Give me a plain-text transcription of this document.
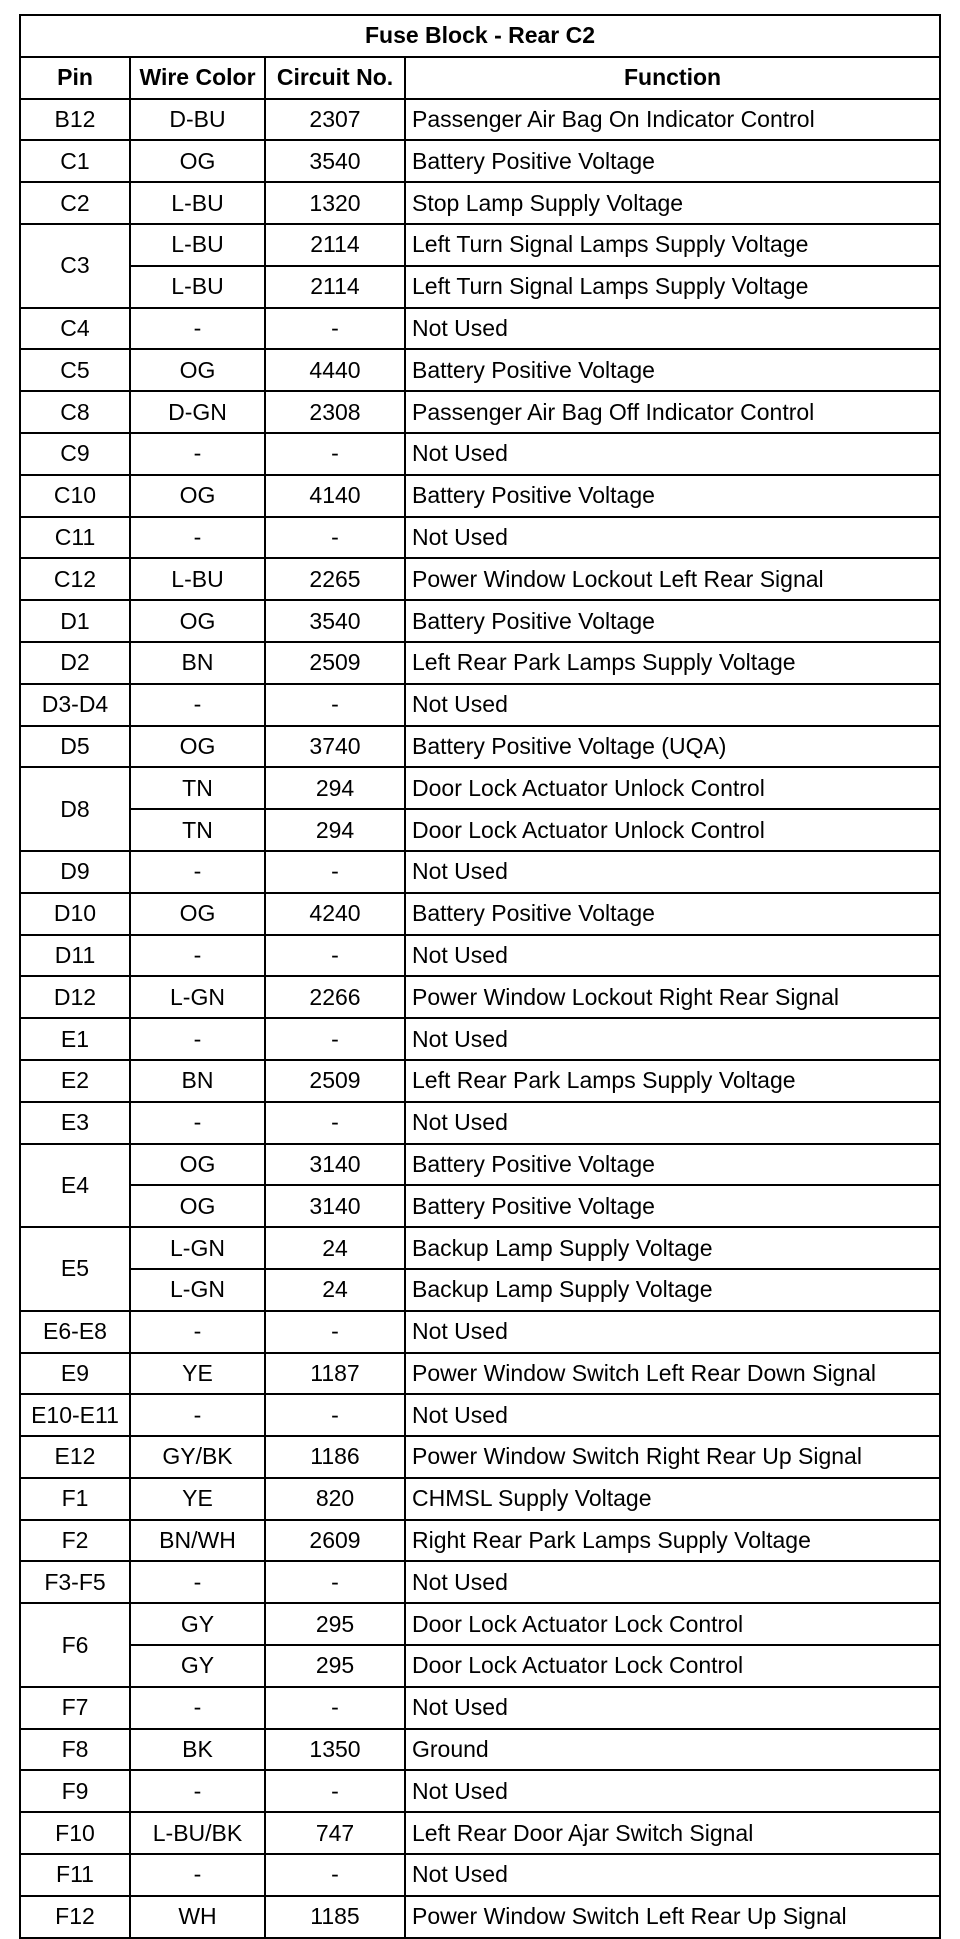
Fuse Block - Rear C2			
Pin	Wire Color	Circuit No.	Function
B12	D-BU	2307	Passenger Air Bag On Indicator Control
C1	OG	3540	Battery Positive Voltage
C2	L-BU	1320	Stop Lamp Supply Voltage
C3	L-BU	2114	Left Turn Signal Lamps Supply Voltage
	L-BU	2114	Left Turn Signal Lamps Supply Voltage
C4	-	-	Not Used
C5	OG	4440	Battery Positive Voltage
C8	D-GN	2308	Passenger Air Bag Off Indicator Control
C9	-	-	Not Used
C10	OG	4140	Battery Positive Voltage
C11	-	-	Not Used
C12	L-BU	2265	Power Window Lockout Left Rear Signal
D1	OG	3540	Battery Positive Voltage
D2	BN	2509	Left Rear Park Lamps Supply Voltage
D3-D4	-	-	Not Used
D5	OG	3740	Battery Positive Voltage (UQA)
D8	TN	294	Door Lock Actuator Unlock Control
	TN	294	Door Lock Actuator Unlock Control
D9	-	-	Not Used
D10	OG	4240	Battery Positive Voltage
D11	-	-	Not Used
D12	L-GN	2266	Power Window Lockout Right Rear Signal
E1	-	-	Not Used
E2	BN	2509	Left Rear Park Lamps Supply Voltage
E3	-	-	Not Used
E4	OG	3140	Battery Positive Voltage
	OG	3140	Battery Positive Voltage
E5	L-GN	24	Backup Lamp Supply Voltage
	L-GN	24	Backup Lamp Supply Voltage
E6-E8	-	-	Not Used
E9	YE	1187	Power Window Switch Left Rear Down Signal
E10-E11	-	-	Not Used
E12	GY/BK	1186	Power Window Switch Right Rear Up Signal
F1	YE	820	CHMSL Supply Voltage
F2	BN/WH	2609	Right Rear Park Lamps Supply Voltage
F3-F5	-	-	Not Used
F6	GY	295	Door Lock Actuator Lock Control
	GY	295	Door Lock Actuator Lock Control
F7	-	-	Not Used
F8	BK	1350	Ground
F9	-	-	Not Used
F10	L-BU/BK	747	Left Rear Door Ajar Switch Signal
F11	-	-	Not Used
F12	WH	1185	Power Window Switch Left Rear Up Signal
